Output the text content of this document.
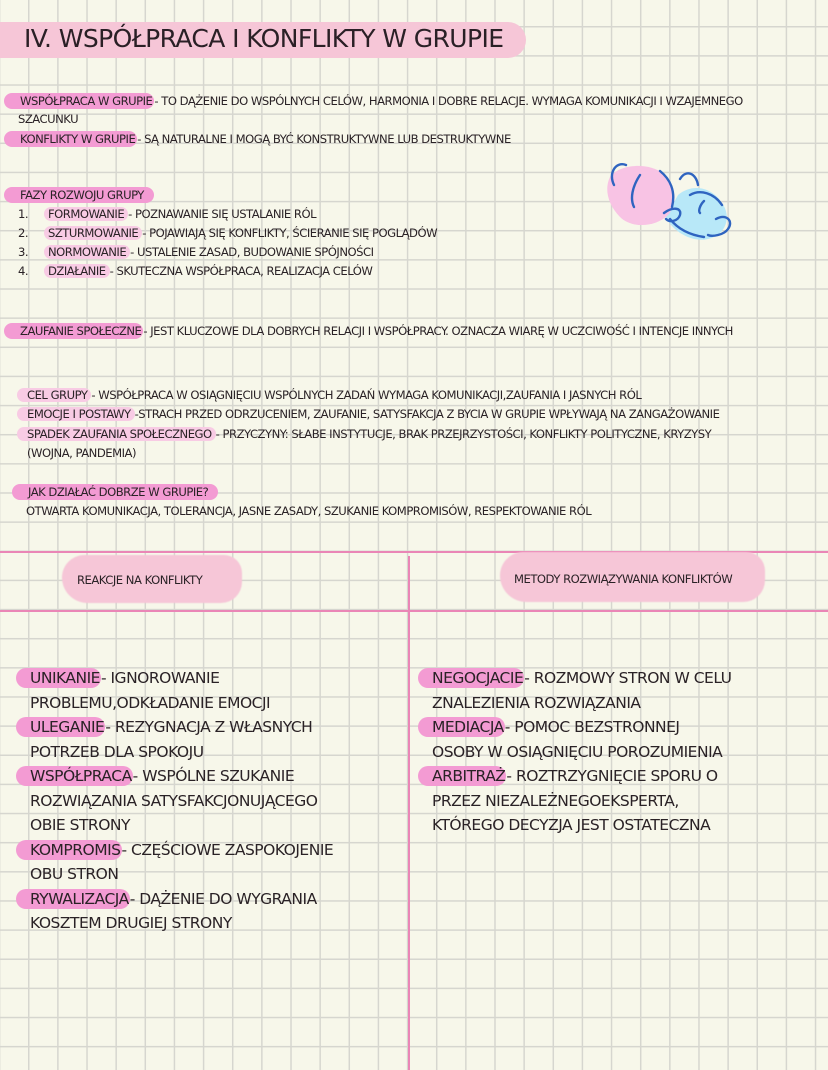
IV. WSPÓŁPRACA I KONFLIKTY W GRUPIE
WSPÓŁPRACA W GRUPIE - TO DĄŻENIE DO WSPÓLNYCH CELÓW, HARMONIA I DOBRE RELACJE. WYMAGA KOMUNIKACJI I WZAJEMNEGO
SZACUNKU
KONFLIKTY W GRUPIE - SĄ NATURALNE I MOGĄ BYĆ KONSTRUKTYWNE LUB DESTRUKTYWNE
FAZY ROZWOJU GRUPY
1. FORMOWANIE - POZNAWANIE SIĘ USTALANIE RÓL
2. SZTURMOWANIE - POJAWIAJĄ SIĘ KONFLIKTY, ŚCIERANIE SIĘ POGLĄDÓW
3. NORMOWANIE - USTALENIE ZASAD, BUDOWANIE SPÓJNOŚCI
4. DZIAŁANIE - SKUTECZNA WSPÓŁPRACA, REALIZACJA CELÓW
ZAUFANIE SPOŁECZNE - JEST KLUCZOWE DLA DOBRYCH RELACJI I WSPÓŁPRACY. OZNACZA WIARĘ W UCZCIWOŚĆ I INTENCJE INNYCH
CEL GRUPY - WSPÓŁPRACA W OSIĄGNIĘCIU WSPÓLNYCH ZADAŃ WYMAGA KOMUNIKACJI,ZAUFANIA I JASNYCH RÓL
EMOCJE I POSTAWY -STRACH PRZED ODRZUCENIEM, ZAUFANIE, SATYSFAKCJA Z BYCIA W GRUPIE WPŁYWAJĄ NA ZANGAŻOWANIE
SPADEK ZAUFANIA SPOŁECZNEGO - PRZYCZYNY: SŁABE INSTYTUCJE, BRAK PRZEJRZYSTOŚCI, KONFLIKTY POLITYCZNE, KRYZYSY
(WOJNA, PANDEMIA)
JAK DZIAŁAĆ DOBRZE W GRUPIE?
OTWARTA KOMUNIKACJA, TOLERANCJA, JASNE ZASADY, SZUKANIE KOMPROMISÓW, RESPEKTOWANIE RÓL
REAKCJE NA KONFLIKTY	METODY ROZWIĄZYWANIA KONFLIKTÓW
UNIKANIE- IGNOROWANIE
PROBLEMU,ODKŁADANIE EMOCJI
ULEGANIE- REZYGNACJA Z WŁASNYCH
POTRZEB DLA SPOKOJU
WSPÓŁPRACA- WSPÓLNE SZUKANIE
ROZWIĄZANIA SATYSFAKCJONUJĄCEGO
OBIE STRONY
KOMPROMIS- CZĘŚCIOWE ZASPOKOJENIE
OBU STRON
RYWALIZACJA- DĄŻENIE DO WYGRANIA
KOSZTEM DRUGIEJ STRONY
NEGOCJACIE- ROZMOWY STRON W CELU
ZNALEZIENIA ROZWIĄZANIA
MEDIACJA- POMOC BEZSTRONNEJ
OSOBY W OSIĄGNIĘCIU POROZUMIENIA
ARBITRAŻ- ROZTRZYGNIĘCIE SPORU O
PRZEZ NIEZALEŻNEGOEKSPERTA,
KTÓREGO DECYZJA JEST OSTATECZNA
